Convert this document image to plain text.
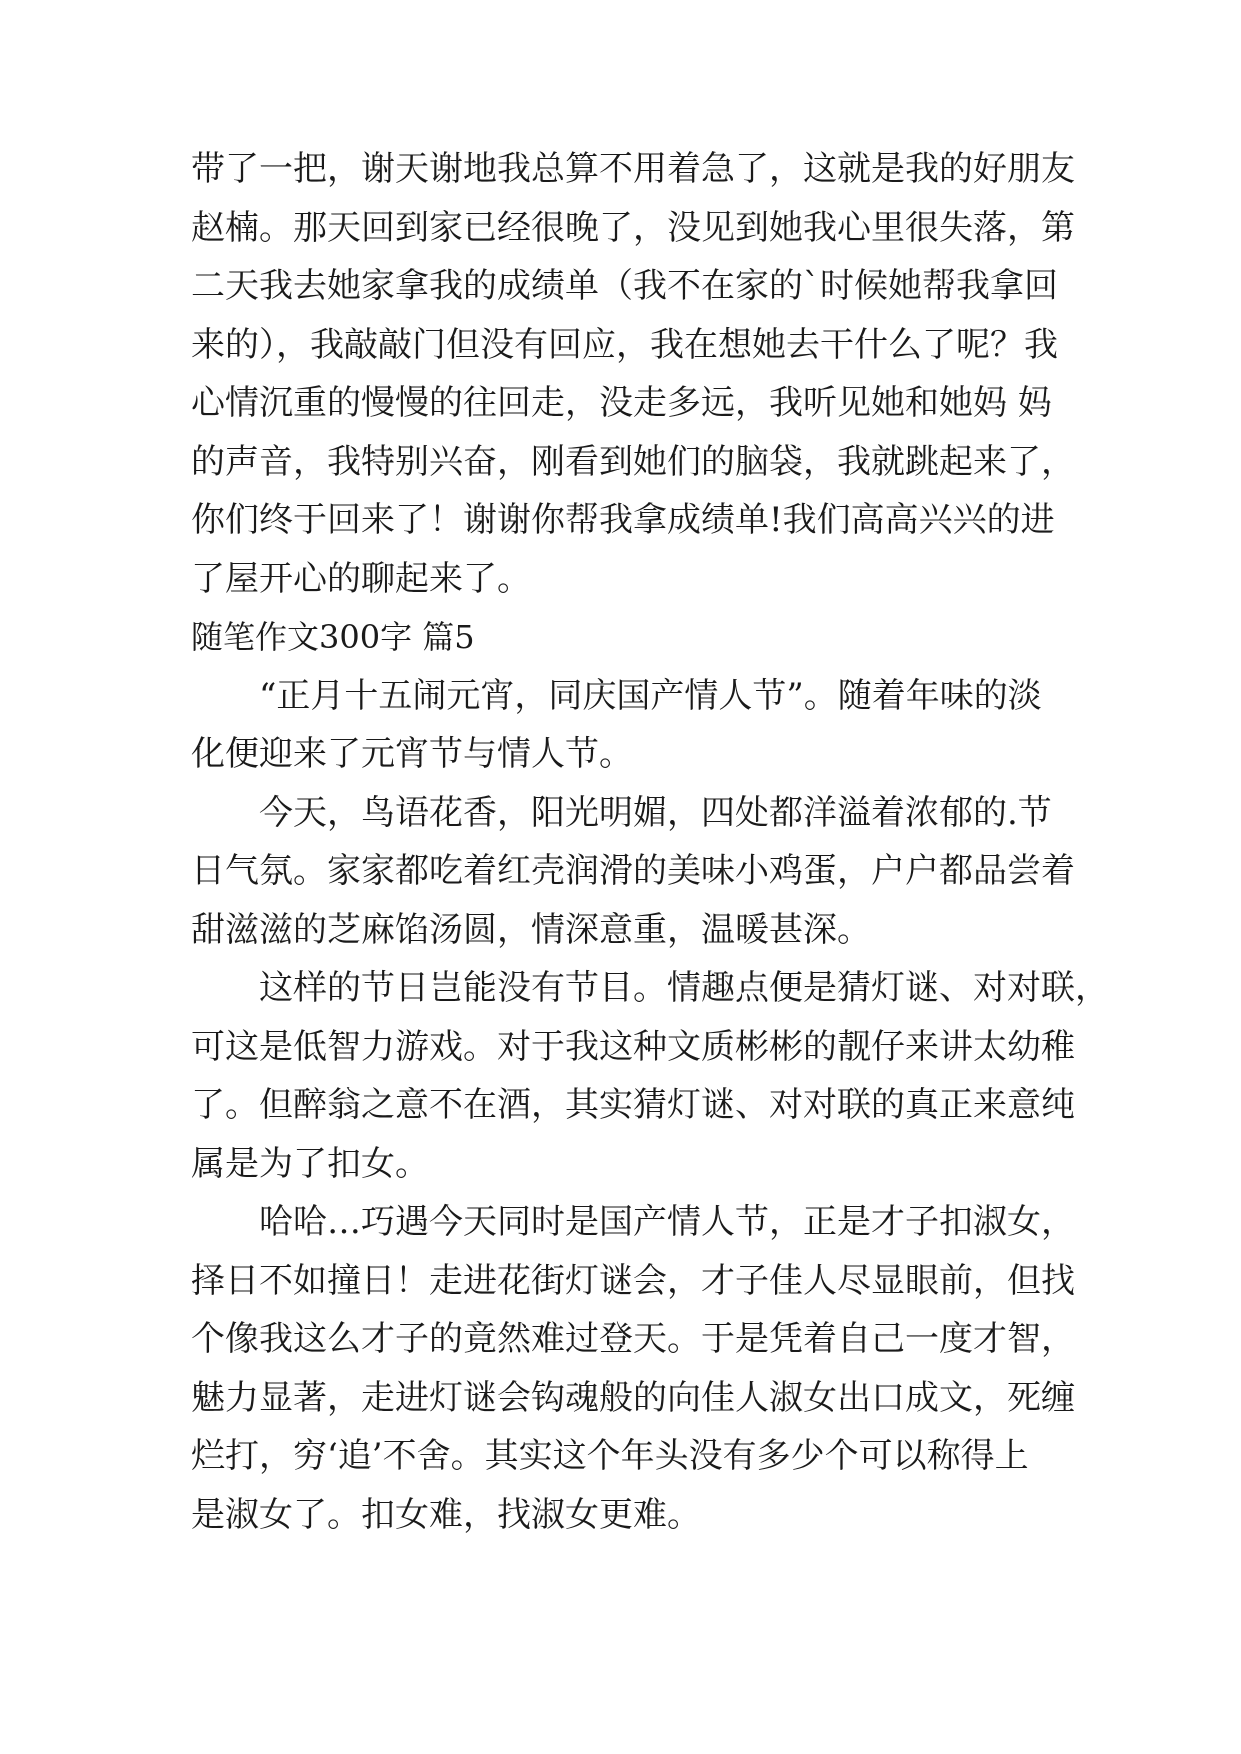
带了一把，谢天谢地我总算不用着急了，这就是我的好朋友
赵楠。那天回到家已经很晚了，没见到她我心里很失落，第
二天我去她家拿我的成绩单（我不在家的`时候她帮我拿回
来的），我敲敲门但没有回应，我在想她去干什么了呢？我
心情沉重的慢慢的往回走，没走多远，我听见她和她妈 妈
的声音，我特别兴奋，刚看到她们的脑袋，我就跳起来了，
你们终于回来了！谢谢你帮我拿成绩单!我们高高兴兴的进
了屋开心的聊起来了。
随笔作文300字 篇5
“正月十五闹元宵，同庆国产情人节”。随着年味的淡
化便迎来了元宵节与情人节。
今天，鸟语花香，阳光明媚，四处都洋溢着浓郁的.节
日气氛。家家都吃着红壳润滑的美味小鸡蛋，户户都品尝着
甜滋滋的芝麻馅汤圆，情深意重，温暖甚深。
这样的节日岂能没有节目。情趣点便是猜灯谜、对对联，
可这是低智力游戏。对于我这种文质彬彬的靓仔来讲太幼稚
了。但醉翁之意不在酒，其实猜灯谜、对对联的真正来意纯
属是为了扣女。
哈哈…巧遇今天同时是国产情人节，正是才子扣淑女，
择日不如撞日！走进花街灯谜会，才子佳人尽显眼前，但找
个像我这么才子的竟然难过登天。于是凭着自己一度才智，
魅力显著，走进灯谜会钩魂般的向佳人淑女出口成文，死缠
烂打，穷‘追’不舍。其实这个年头没有多少个可以称得上
是淑女了。扣女难，找淑女更难。
